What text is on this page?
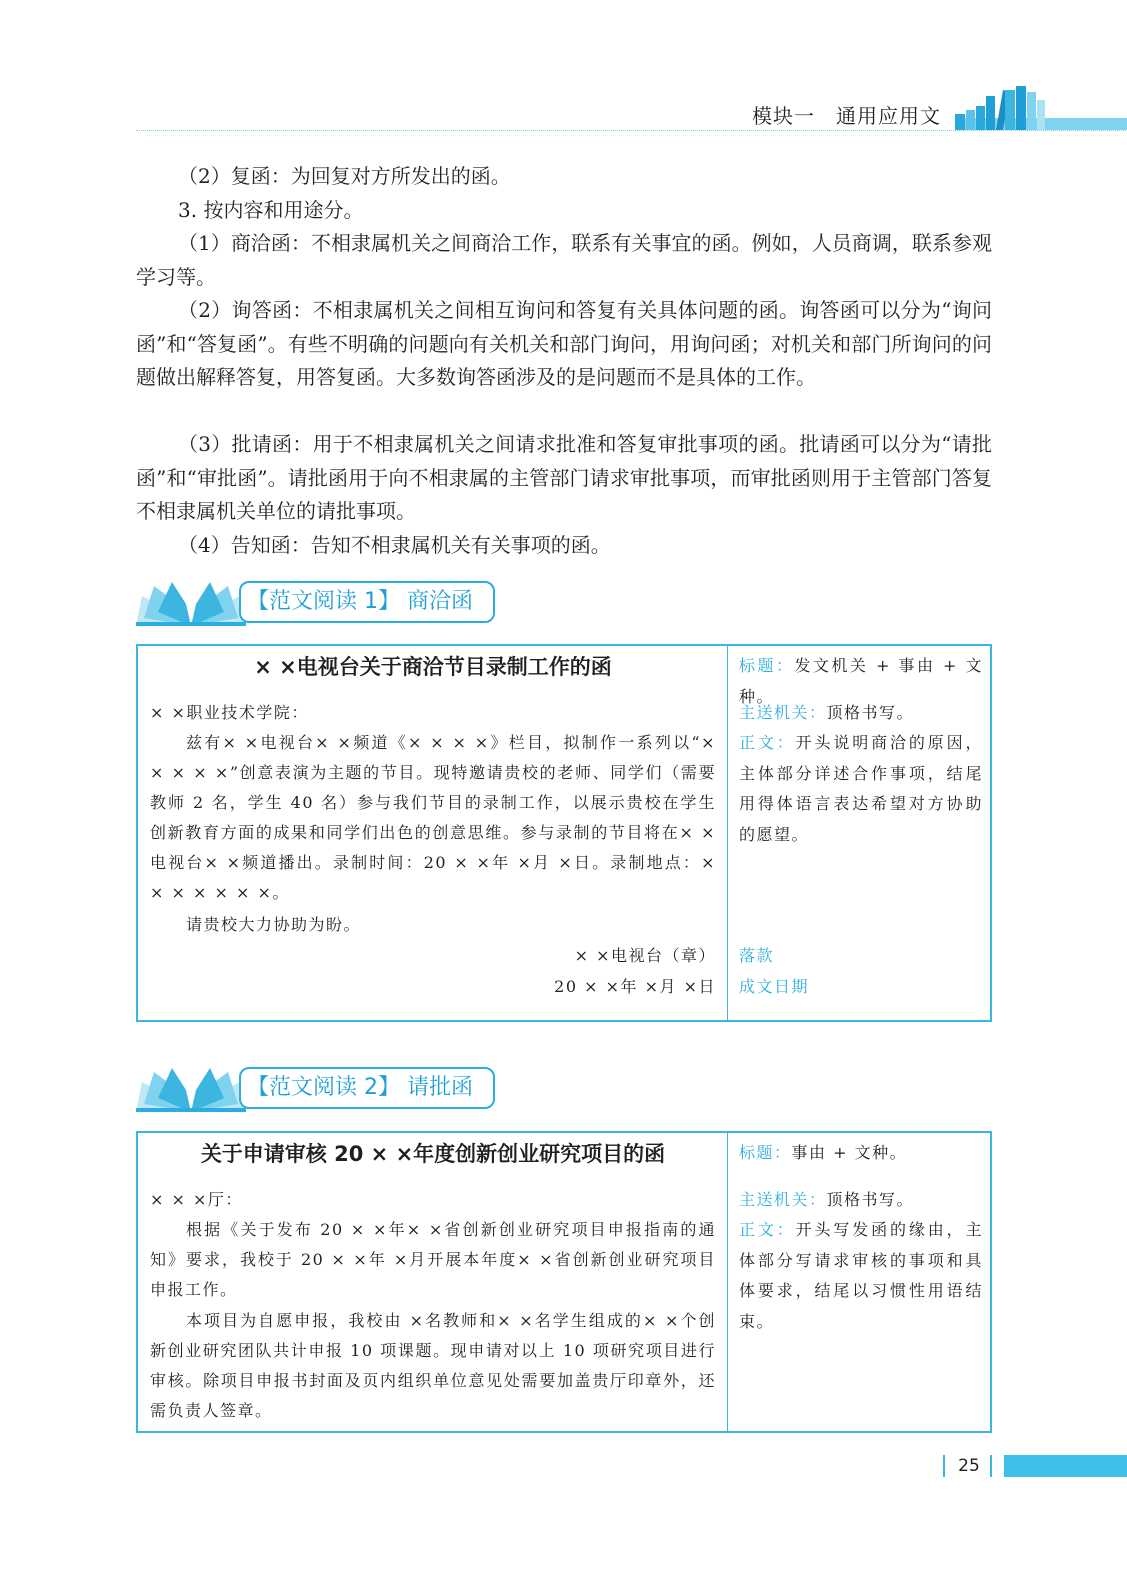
模块一　通用应用文

（2）复函：为回复对方所发出的函。

3. 按内容和用途分。

（1）商洽函：不相隶属机关之间商洽工作，联系有关事宜的函。例如，人员商调，联系参观学习等。

（2）询答函：不相隶属机关之间相互询问和答复有关具体问题的函。询答函可以分为“询问函”和“答复函”。有些不明确的问题向有关机关和部门询问，用询问函；对机关和部门所询问的问题做出解释答复，用答复函。大多数询答函涉及的是问题而不是具体的工作。

（3）批请函：用于不相隶属机关之间请求批准和答复审批事项的函。批请函可以分为“请批函”和“审批函”。请批函用于向不相隶属的主管部门请求审批事项，而审批函则用于主管部门答复不相隶属机关单位的请批事项。

（4）告知函：告知不相隶属机关有关事项的函。

【范文阅读 1】 商洽函
× ×电视台关于商洽节目录制工作的函

× ×职业技术学院：

兹有× ×电视台× ×频道《× × × ×》栏目，拟制作一系列以“× × × × ×”创意表演为主题的节目。现特邀请贵校的老师、同学们（需要教师 2 名，学生 40 名）参与我们节目的录制工作，以展示贵校在学生创新教育方面的成果和同学们出色的创意思维。参与录制的节目将在× ×电视台× ×频道播出。录制时间：20 × ×年 ×月 ×日。录制地点：× × × × × × ×。

请贵校大力协助为盼。

× ×电视台（章）

20 × ×年 ×月 ×日

标题：发文机关 + 事由 + 文种。

主送机关：顶格书写。

正文：开头说明商洽的原因，主体部分详述合作事项，结尾用得体语言表达希望对方协助的愿望。

落款

成文日期

【范文阅读 2】 请批函
关于申请审核 20 × ×年度创新创业研究项目的函

× × ×厅：

根据《关于发布 20 × ×年× ×省创新创业研究项目申报指南的通知》要求，我校于 20 × ×年 ×月开展本年度× ×省创新创业研究项目申报工作。

本项目为自愿申报，我校由 ×名教师和× ×名学生组成的× ×个创新创业研究团队共计申报 10 项课题。现申请对以上 10 项研究项目进行审核。除项目申报书封面及页内组织单位意见处需要加盖贵厅印章外，还需负责人签章。

标题：事由 + 文种。

主送机关：顶格书写。

正文：开头写发函的缘由，主体部分写请求审核的事项和具体要求，结尾以习惯性用语结束。

25
